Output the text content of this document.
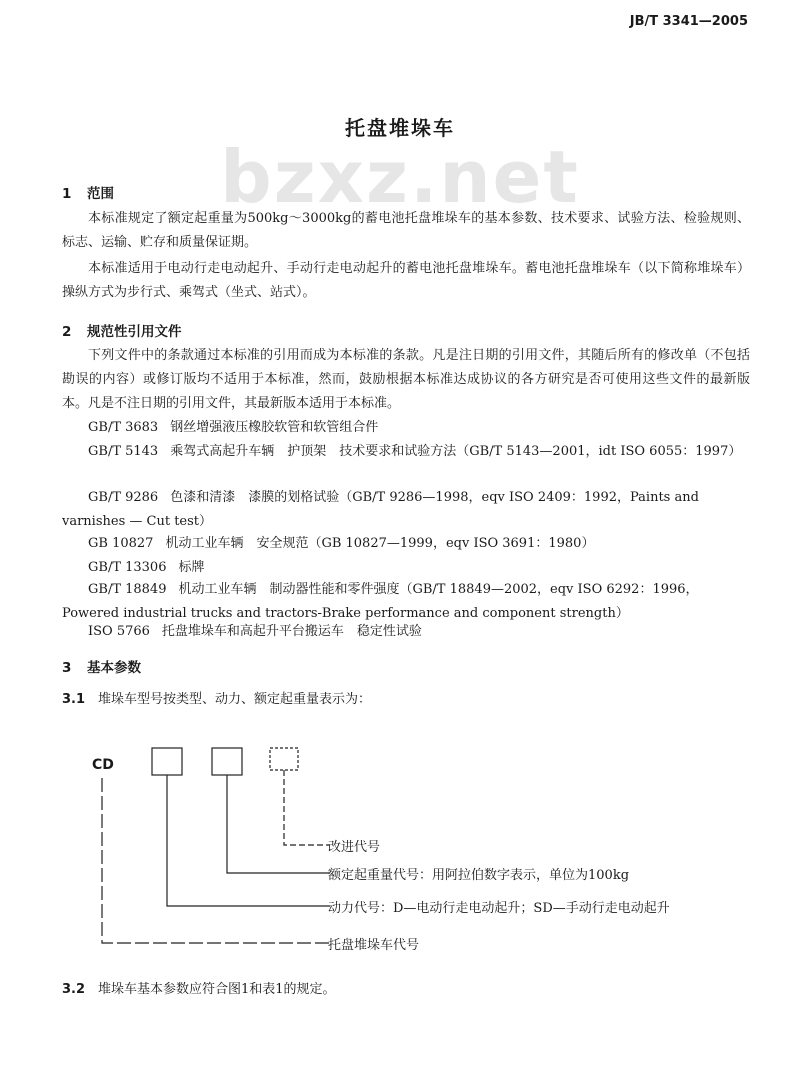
JB/T 3341—2005
bzxz.net
托盘堆垛车
1 范围
本标准规定了额定起重量为500kg～3000kg的蓄电池托盘堆垛车的基本参数、技术要求、试验方法、检验规则、标志、运输、贮存和质量保证期。
本标准适用于电动行走电动起升、手动行走电动起升的蓄电池托盘堆垛车。蓄电池托盘堆垛车（以下简称堆垛车）操纵方式为步行式、乘驾式（坐式、站式）。
2 规范性引用文件
下列文件中的条款通过本标准的引用而成为本标准的条款。凡是注日期的引用文件，其随后所有的修改单（不包括勘误的内容）或修订版均不适用于本标准，然而，鼓励根据本标准达成协议的各方研究是否可使用这些文件的最新版本。凡是不注日期的引用文件，其最新版本适用于本标准。
GB/T 3683 钢丝增强液压橡胶软管和软管组合件
GB/T 5143 乘驾式高起升车辆　护顶架　技术要求和试验方法（GB/T 5143—2001，idt ISO 6055：1997）
GB/T 9286 色漆和清漆　漆膜的划格试验（GB/T 9286—1998，eqv ISO 2409：1992，Paints and varnishes — Cut test）
GB 10827 机动工业车辆　安全规范（GB 10827—1999，eqv ISO 3691：1980）
GB/T 13306 标牌
GB/T 18849 机动工业车辆　制动器性能和零件强度（GB/T 18849—2002，eqv ISO 6292：1996，Powered industrial trucks and tractors-Brake performance and component strength）
ISO 5766 托盘堆垛车和高起升平台搬运车　稳定性试验
3 基本参数
3.1 堆垛车型号按类型、动力、额定起重量表示为：
CD
改进代号
额定起重量代号：用阿拉伯数字表示，单位为100kg
动力代号：D—电动行走电动起升；SD—手动行走电动起升
托盘堆垛车代号
3.2 堆垛车基本参数应符合图1和表1的规定。
